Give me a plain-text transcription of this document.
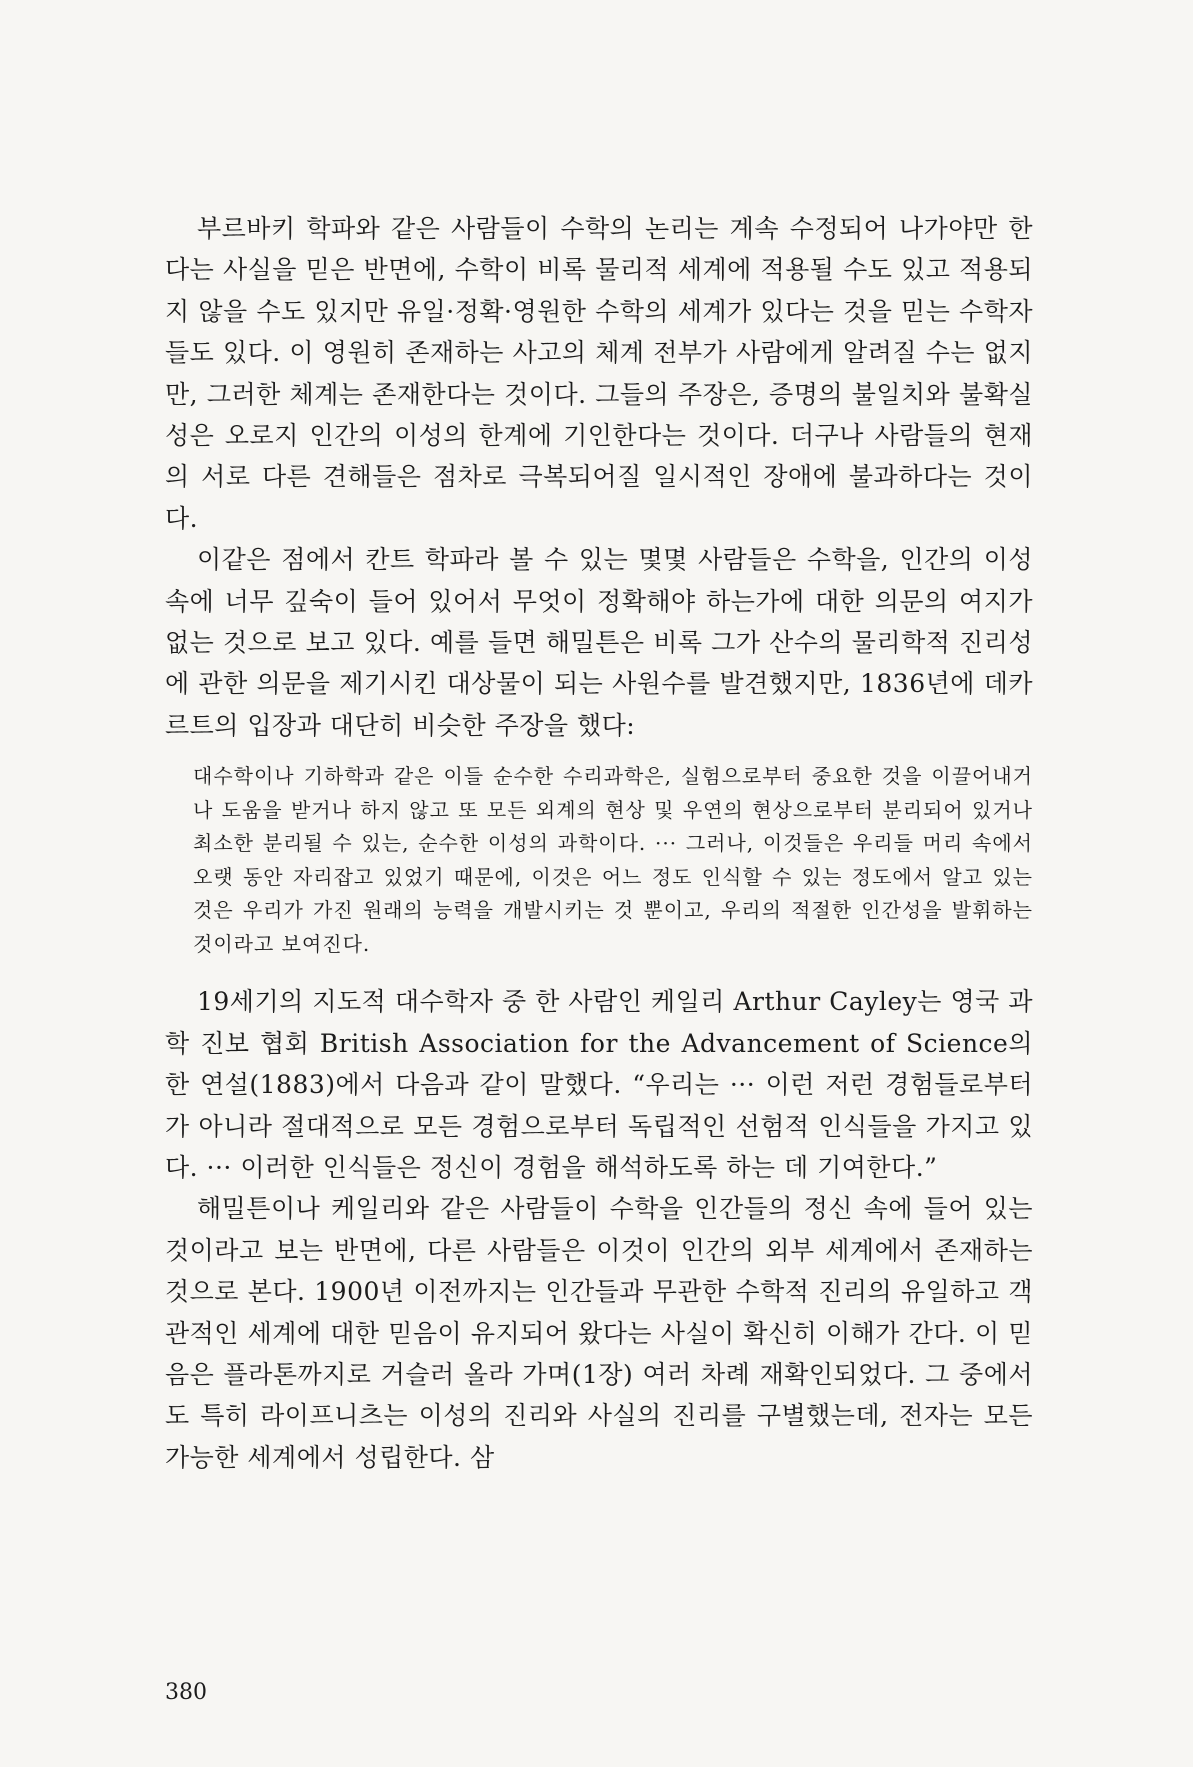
부르바키 학파와 같은 사람들이 수학의 논리는 계속 수정되어 나가야만 한다는 사실을 믿은 반면에, 수학이 비록 물리적 세계에 적용될 수도 있고 적용되지 않을 수도 있지만 유일·정확·영원한 수학의 세계가 있다는 것을 믿는 수학자들도 있다. 이 영원히 존재하는 사고의 체계 전부가 사람에게 알려질 수는 없지만, 그러한 체계는 존재한다는 것이다. 그들의 주장은, 증명의 불일치와 불확실성은 오로지 인간의 이성의 한계에 기인한다는 것이다. 더구나 사람들의 현재의 서로 다른 견해들은 점차로 극복되어질 일시적인 장애에 불과하다는 것이다.

이같은 점에서 칸트 학파라 볼 수 있는 몇몇 사람들은 수학을, 인간의 이성 속에 너무 깊숙이 들어 있어서 무엇이 정확해야 하는가에 대한 의문의 여지가 없는 것으로 보고 있다. 예를 들면 해밀튼은 비록 그가 산수의 물리학적 진리성에 관한 의문을 제기시킨 대상물이 되는 사원수를 발견했지만, 1836년에 데카르트의 입장과 대단히 비슷한 주장을 했다:

대수학이나 기하학과 같은 이들 순수한 수리과학은, 실험으로부터 중요한 것을 이끌어내거나 도움을 받거나 하지 않고 또 모든 외계의 현상 및 우연의 현상으로부터 분리되어 있거나 최소한 분리될 수 있는, 순수한 이성의 과학이다. ··· 그러나, 이것들은 우리들 머리 속에서 오랫 동안 자리잡고 있었기 때문에, 이것은 어느 정도 인식할 수 있는 정도에서 알고 있는 것은 우리가 가진 원래의 능력을 개발시키는 것 뿐이고, 우리의 적절한 인간성을 발휘하는 것이라고 보여진다.

19세기의 지도적 대수학자 중 한 사람인 케일리 Arthur Cayley는 영국 과학 진보 협회 British Association for the Advancement of Science의 한 연설(1883)에서 다음과 같이 말했다. “우리는 ··· 이런 저런 경험들로부터가 아니라 절대적으로 모든 경험으로부터 독립적인 선험적 인식들을 가지고 있다. ··· 이러한 인식들은 정신이 경험을 해석하도록 하는 데 기여한다.”

해밀튼이나 케일리와 같은 사람들이 수학을 인간들의 정신 속에 들어 있는 것이라고 보는 반면에, 다른 사람들은 이것이 인간의 외부 세계에서 존재하는 것으로 본다. 1900년 이전까지는 인간들과 무관한 수학적 진리의 유일하고 객관적인 세계에 대한 믿음이 유지되어 왔다는 사실이 확신히 이해가 간다. 이 믿음은 플라톤까지로 거슬러 올라 가며(1장) 여러 차례 재확인되었다. 그 중에서도 특히 라이프니츠는 이성의 진리와 사실의 진리를 구별했는데, 전자는 모든 가능한 세계에서 성립한다. 삼

380
